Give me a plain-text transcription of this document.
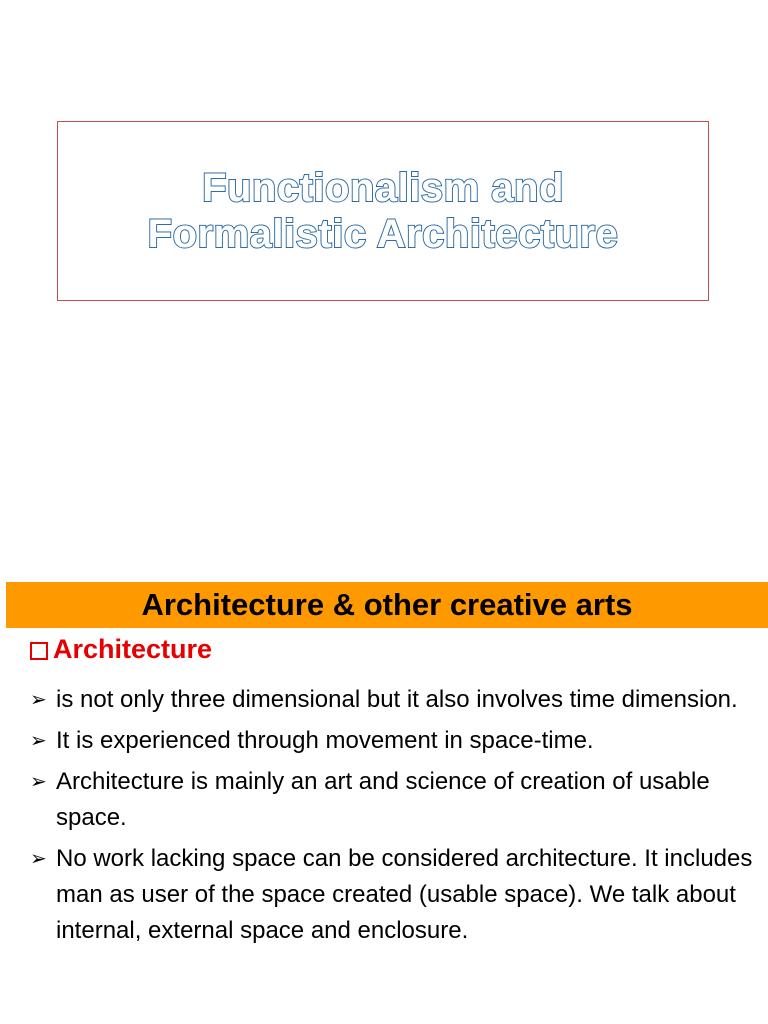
Functionalism and
Formalistic Architecture
Architecture & other creative arts
Architecture
➢ is not only three dimensional but it also involves time dimension.
➢ It is experienced through movement in space-time.
➢ Architecture is mainly an art and science of creation of usable space.
➢ No work lacking space can be considered architecture. It includes man as user of the space created (usable space). We talk about internal, external space and enclosure.
